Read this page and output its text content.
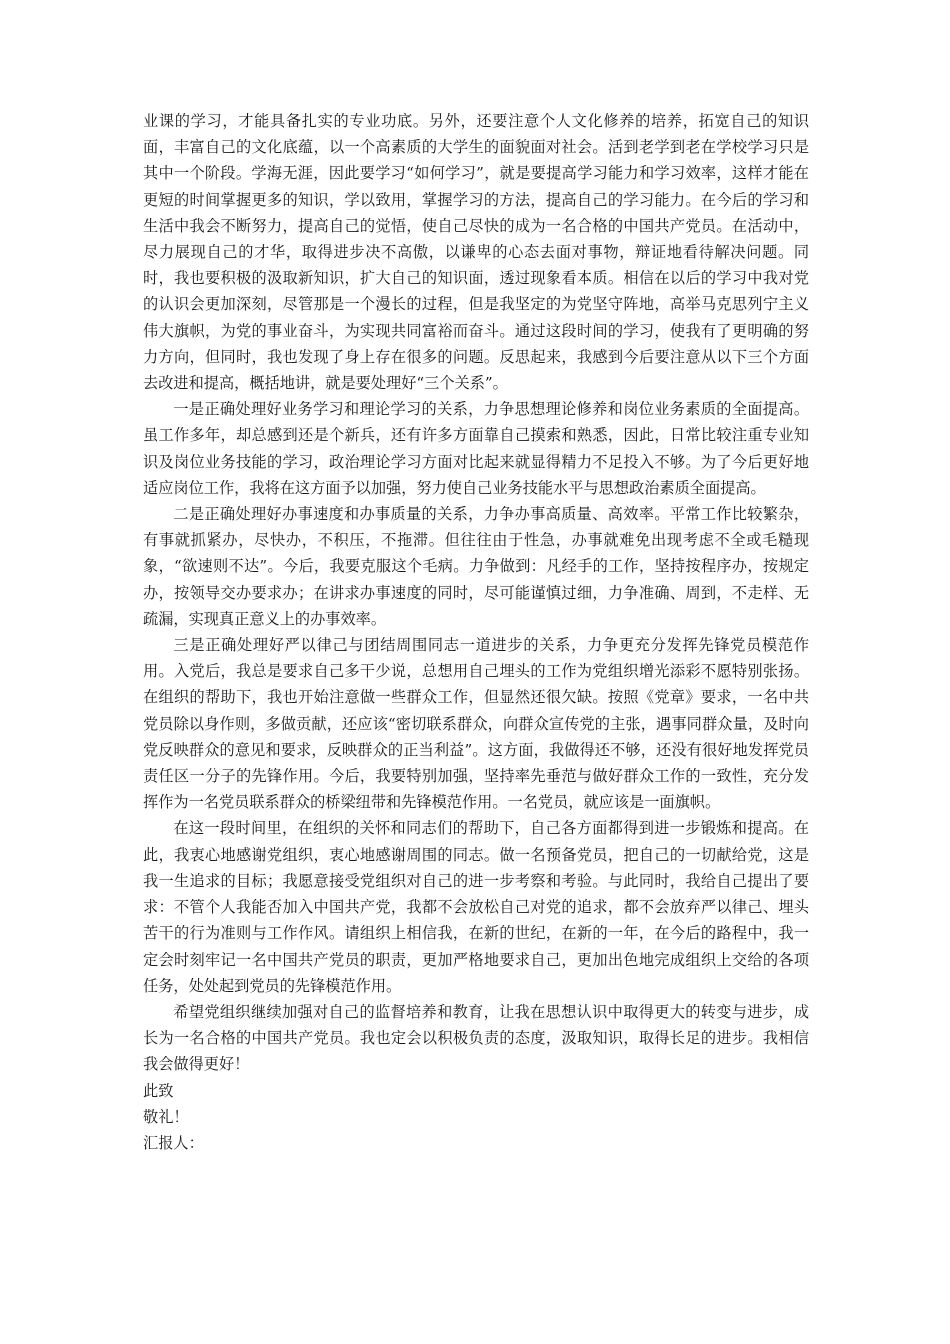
业课的学习，才能具备扎实的专业功底。另外，还要注意个人文化修养的培养，拓宽自己的知识面，丰富自己的文化底蕴，以一个高素质的大学生的面貌面对社会。活到老学到老在学校学习只是其中一个阶段。学海无涯，因此要学习“如何学习”，就是要提高学习能力和学习效率，这样才能在更短的时间掌握更多的知识，学以致用，掌握学习的方法，提高自己的学习能力。在今后的学习和生活中我会不断努力，提高自己的觉悟，使自己尽快的成为一名合格的中国共产党员。在活动中，尽力展现自己的才华，取得进步决不高傲，以谦卑的心态去面对事物，辩证地看待解决问题。同时，我也要积极的汲取新知识，扩大自己的知识面，透过现象看本质。相信在以后的学习中我对党的认识会更加深刻，尽管那是一个漫长的过程，但是我坚定的为党坚守阵地，高举马克思列宁主义伟大旗帜，为党的事业奋斗，为实现共同富裕而奋斗。通过这段时间的学习，使我有了更明确的努力方向，但同时，我也发现了身上存在很多的问题。反思起来，我感到今后要注意从以下三个方面去改进和提高，概括地讲，就是要处理好“三个关系”。

一是正确处理好业务学习和理论学习的关系，力争思想理论修养和岗位业务素质的全面提高。虽工作多年，却总感到还是个新兵，还有许多方面靠自己摸索和熟悉，因此，日常比较注重专业知识及岗位业务技能的学习，政治理论学习方面对比起来就显得精力不足投入不够。为了今后更好地适应岗位工作，我将在这方面予以加强，努力使自己业务技能水平与思想政治素质全面提高。

二是正确处理好办事速度和办事质量的关系，力争办事高质量、高效率。平常工作比较繁杂，有事就抓紧办，尽快办，不积压，不拖滞。但往往由于性急，办事就难免出现考虑不全或毛糙现象，“欲速则不达”。今后，我要克服这个毛病。力争做到：凡经手的工作，坚持按程序办，按规定办，按领导交办要求办；在讲求办事速度的同时，尽可能谨慎过细，力争准确、周到，不走样、无疏漏，实现真正意义上的办事效率。

三是正确处理好严以律己与团结周围同志一道进步的关系，力争更充分发挥先锋党员模范作用。入党后，我总是要求自己多干少说，总想用自己埋头的工作为党组织增光添彩不愿特别张扬。在组织的帮助下，我也开始注意做一些群众工作，但显然还很欠缺。按照《党章》要求，一名中共党员除以身作则，多做贡献，还应该“密切联系群众，向群众宣传党的主张，遇事同群众量，及时向党反映群众的意见和要求，反映群众的正当利益”。这方面，我做得还不够，还没有很好地发挥党员责任区一分子的先锋作用。今后，我要特别加强，坚持率先垂范与做好群众工作的一致性，充分发挥作为一名党员联系群众的桥梁纽带和先锋模范作用。一名党员，就应该是一面旗帜。

在这一段时间里，在组织的关怀和同志们的帮助下，自己各方面都得到进一步锻炼和提高。在此，我衷心地感谢党组织，衷心地感谢周围的同志。做一名预备党员，把自己的一切献给党，这是我一生追求的目标；我愿意接受党组织对自己的进一步考察和考验。与此同时，我给自己提出了要求：不管个人我能否加入中国共产党，我都不会放松自己对党的追求，都不会放弃严以律己、埋头苦干的行为准则与工作作风。请组织上相信我，在新的世纪，在新的一年，在今后的路程中，我一定会时刻牢记一名中国共产党员的职责，更加严格地要求自己，更加出色地完成组织上交给的各项任务，处处起到党员的先锋模范作用。

希望党组织继续加强对自己的监督培养和教育，让我在思想认识中取得更大的转变与进步，成长为一名合格的中国共产党员。我也定会以积极负责的态度，汲取知识，取得长足的进步。我相信我会做得更好！

此致

敬礼！

汇报人：
